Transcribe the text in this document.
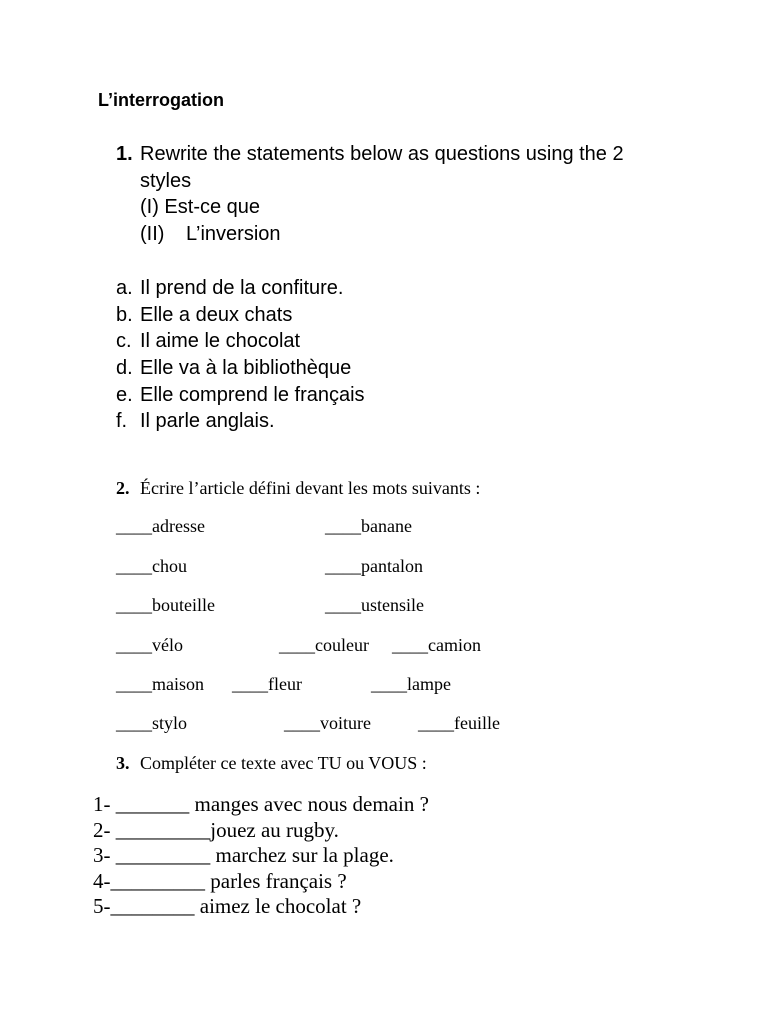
L’interrogation
1. Rewrite the statements below as questions using the 2
styles
(I) Est-ce que
(II) L’inversion
a. Il prend de la confiture.
b. Elle a deux chats
c. Il aime le chocolat
d. Elle va à la bibliothèque
e. Elle comprend le français
f. Il parle anglais.
2. Écrire l’article défini devant les mots suivants :
____adresse	____banane
____chou	____pantalon
____bouteille	____ustensile
____vélo	____couleur ____camion
____maison ____fleur	____lampe
____stylo	____voiture	____feuille
3. Compléter ce texte avec TU ou VOUS :
1- _______ manges avec nous demain ?
2- _________jouez au rugby.
3- _________ marchez sur la plage.
4-_________ parles français ?
5-________ aimez le chocolat ?
